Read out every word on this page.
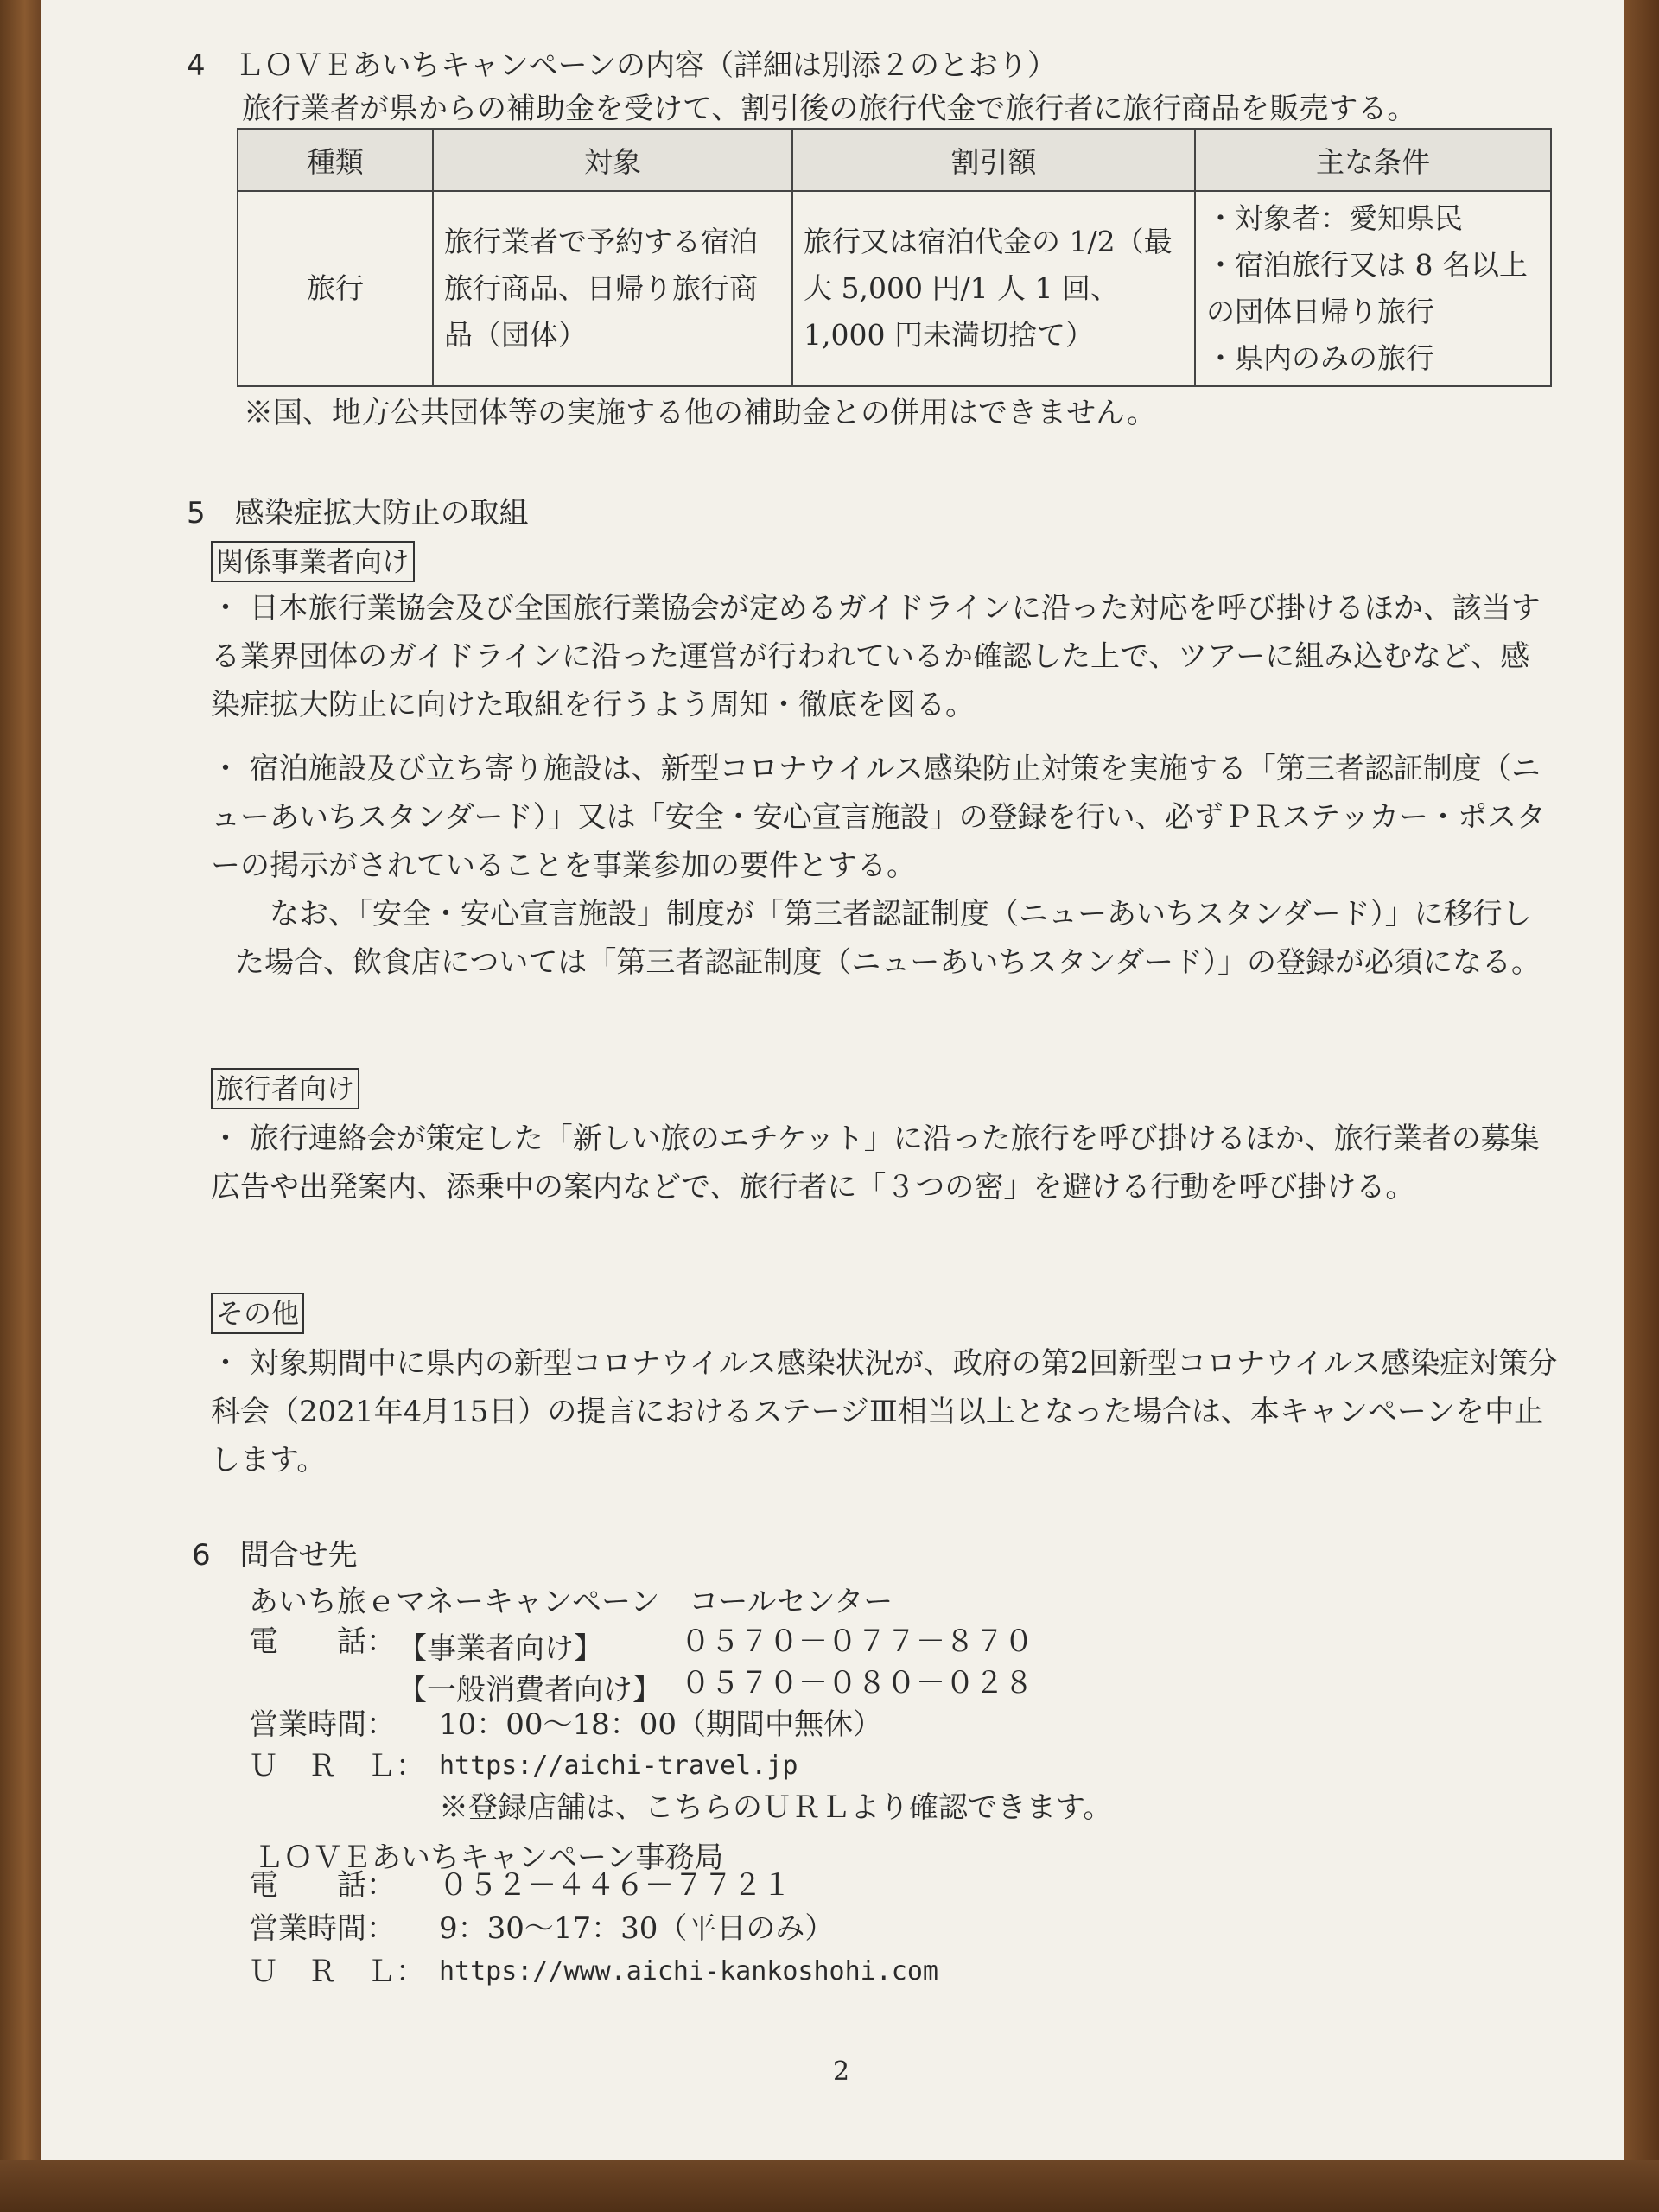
4　ＬＯＶＥあいちキャンペーンの内容（詳細は別添２のとおり）
旅行業者が県からの補助金を受けて、割引後の旅行代金で旅行者に旅行商品を販売する。
種類	対象	割引額	主な条件
旅行	旅行業者で予約する宿泊旅行商品、日帰り旅行商品（団体）	旅行又は宿泊代金の 1/2（最大 5,000 円/1 人 1 回、1,000 円未満切捨て）	・対象者：愛知県民
・宿泊旅行又は 8 名以上の団体日帰り旅行
・県内のみの旅行
※国、地方公共団体等の実施する他の補助金との併用はできません。
5　感染症拡大防止の取組
関係事業者向け
・ 日本旅行業協会及び全国旅行業協会が定めるガイドラインに沿った対応を呼び掛けるほか、該当する業界団体のガイドラインに沿った運営が行われているか確認した上で、ツアーに組み込むなど、感染症拡大防止に向けた取組を行うよう周知・徹底を図る。
・ 宿泊施設及び立ち寄り施設は、新型コロナウイルス感染防止対策を実施する「第三者認証制度（ニューあいちスタンダード）」又は「安全・安心宣言施設」の登録を行い、必ずＰＲステッカー・ポスターの掲示がされていることを事業参加の要件とする。
なお、「安全・安心宣言施設」制度が「第三者認証制度（ニューあいちスタンダード）」に移行した場合、飲食店については「第三者認証制度（ニューあいちスタンダード）」の登録が必須になる。
旅行者向け
・ 旅行連絡会が策定した「新しい旅のエチケット」に沿った旅行を呼び掛けるほか、旅行業者の募集広告や出発案内、添乗中の案内などで、旅行者に「３つの密」を避ける行動を呼び掛ける。
その他
・ 対象期間中に県内の新型コロナウイルス感染状況が、政府の第2回新型コロナウイルス感染症対策分科会（2021年4月15日）の提言におけるステージⅢ相当以上となった場合は、本キャンペーンを中止します。
6　問合せ先
あいち旅ｅマネーキャンペーン　コールセンター
電　　話： 【事業者向け】	０５７０－０７７－８７０
【一般消費者向け】 ０５７０－０８０－０２８
営業時間： 10：00～18：00（期間中無休）
Ｕ　Ｒ　Ｌ： https://aichi-travel.jp
※登録店舗は、こちらのＵＲＬより確認できます。
ＬＯＶＥあいちキャンペーン事務局
電　　話： ０５２－４４６－７７２１
営業時間： 9：30～17：30（平日のみ）
Ｕ　Ｒ　Ｌ： https://www.aichi-kankoshohi.com
2
